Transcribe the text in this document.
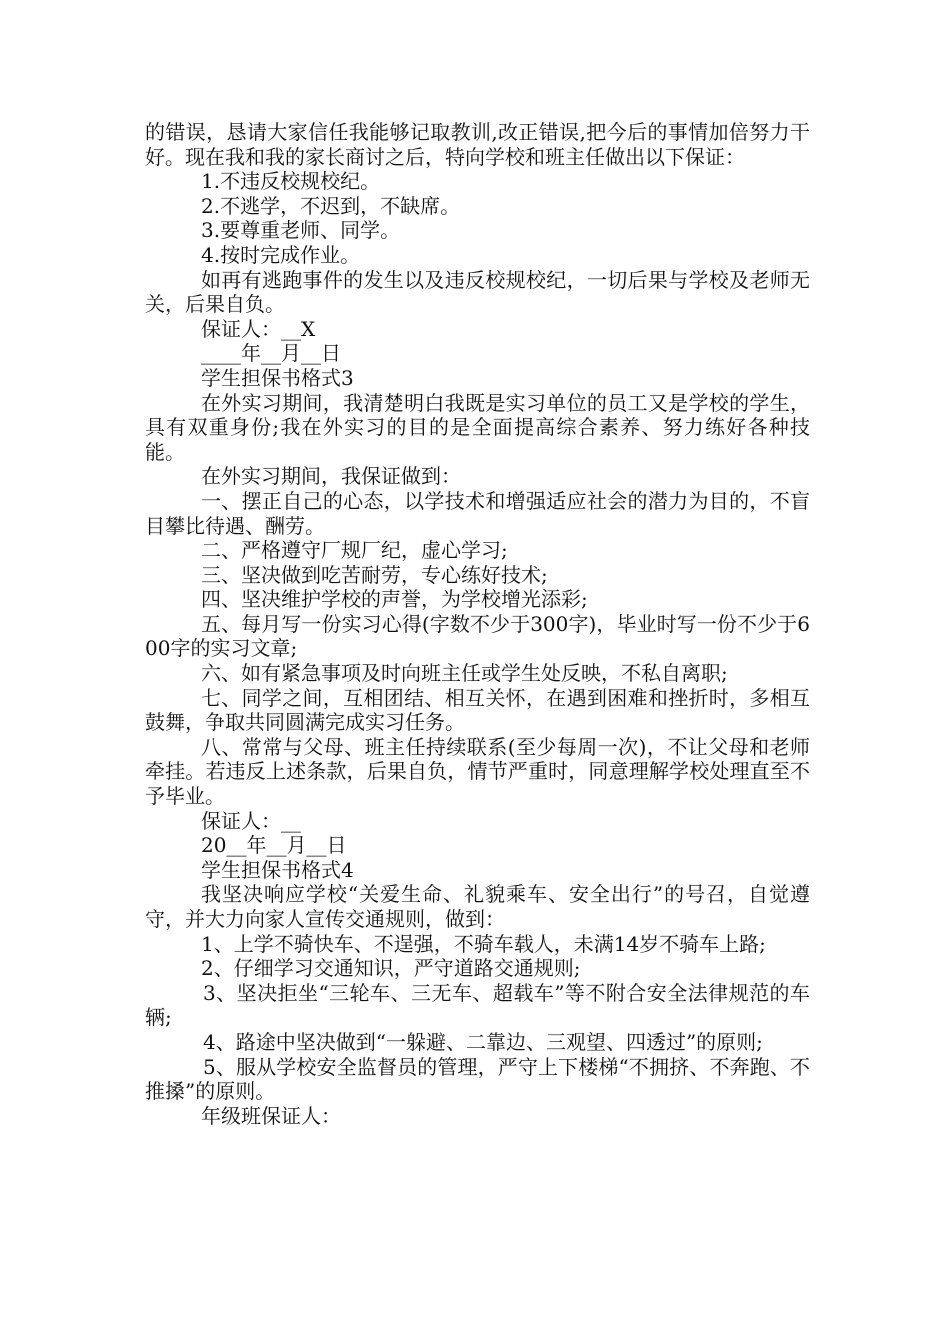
的错误，恳请大家信任我能够记取教训,改正错误,把今后的事情加倍努力干好。现在我和我的家长商讨之后，特向学校和班主任做出以下保证：

1.不违反校规校纪。

2.不逃学，不迟到，不缺席。

3.要尊重老师、同学。

4.按时完成作业。

如再有逃跑事件的发生以及违反校规校纪，一切后果与学校及老师无关，后果自负。

保证人：__X

____年__月__日

学生担保书格式3

在外实习期间，我清楚明白我既是实习单位的员工又是学校的学生，具有双重身份;我在外实习的目的是全面提高综合素养、努力练好各种技能。

在外实习期间，我保证做到：

一、摆正自己的心态，以学技术和增强适应社会的潜力为目的，不盲目攀比待遇、酬劳。

二、严格遵守厂规厂纪，虚心学习;

三、坚决做到吃苦耐劳，专心练好技术;

四、坚决维护学校的声誉，为学校增光添彩;

五、每月写一份实习心得(字数不少于300字)，毕业时写一份不少于600字的实习文章;

六、如有紧急事项及时向班主任或学生处反映，不私自离职;

七、同学之间，互相团结、相互关怀，在遇到困难和挫折时，多相互鼓舞，争取共同圆满完成实习任务。

八、常常与父母、班主任持续联系(至少每周一次)，不让父母和老师牵挂。若违反上述条款，后果自负，情节严重时，同意理解学校处理直至不予毕业。

保证人：__

20__年__月__日

学生担保书格式4

我坚决响应学校“关爱生命、礼貌乘车、安全出行”的号召，自觉遵守，并大力向家人宣传交通规则，做到：

1、上学不骑快车、不逞强，不骑车载人，未满14岁不骑车上路;

2、仔细学习交通知识，严守道路交通规则;

3、坚决拒坐“三轮车、三无车、超载车”等不附合安全法律规范的车辆;

4、路途中坚决做到“一躲避、二靠边、三观望、四透过”的原则;

5、服从学校安全监督员的管理，严守上下楼梯“不拥挤、不奔跑、不推搡”的原则。

年级班保证人：
